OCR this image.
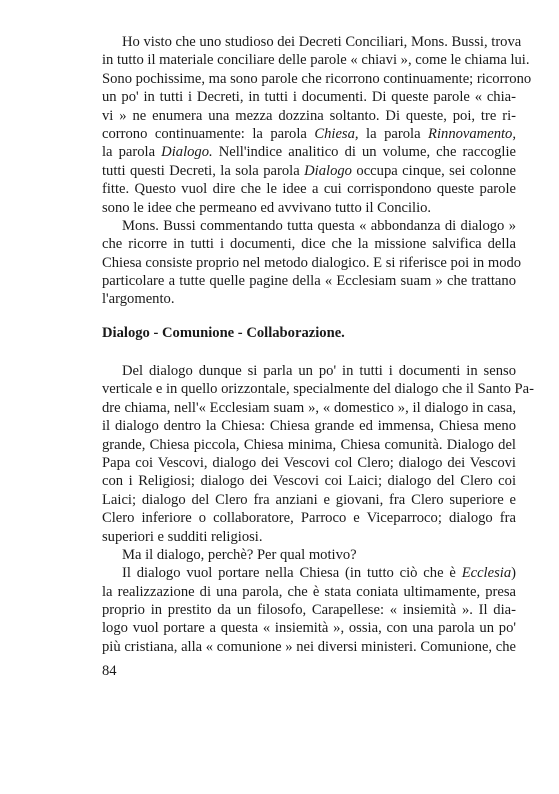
Ho visto che uno studioso dei Decreti Conciliari, Mons. Bussi, trova
in tutto il materiale conciliare delle parole « chiavi », come le chiama lui.
Sono pochissime, ma sono parole che ricorrono continuamente; ricorrono
un po' in tutti i Decreti, in tutti i documenti. Di queste parole « chia-
vi » ne enumera una mezza dozzina soltanto. Di queste, poi, tre ri-
corrono continuamente: la parola Chiesa, la parola Rinnovamento,
la parola Dialogo. Nell'indice analitico di un volume, che raccoglie
tutti questi Decreti, la sola parola Dialogo occupa cinque, sei colonne
fitte. Questo vuol dire che le idee a cui corrispondono queste parole
sono le idee che permeano ed avvivano tutto il Concilio.
Mons. Bussi commentando tutta questa « abbondanza di dialogo »
che ricorre in tutti i documenti, dice che la missione salvifica della
Chiesa consiste proprio nel metodo dialogico. E si riferisce poi in modo
particolare a tutte quelle pagine della « Ecclesiam suam » che trattano
l'argomento.
Dialogo - Comunione - Collaborazione.
Del dialogo dunque si parla un po' in tutti i documenti in senso
verticale e in quello orizzontale, specialmente del dialogo che il Santo Pa-
dre chiama, nell'« Ecclesiam suam », « domestico », il dialogo in casa,
il dialogo dentro la Chiesa: Chiesa grande ed immensa, Chiesa meno
grande, Chiesa piccola, Chiesa minima, Chiesa comunità. Dialogo del
Papa coi Vescovi, dialogo dei Vescovi col Clero; dialogo dei Vescovi
con i Religiosi; dialogo dei Vescovi coi Laici; dialogo del Clero coi
Laici; dialogo del Clero fra anziani e giovani, fra Clero superiore e
Clero inferiore o collaboratore, Parroco e Viceparroco; dialogo fra
superiori e sudditi religiosi.
Ma il dialogo, perchè? Per qual motivo?
Il dialogo vuol portare nella Chiesa (in tutto ciò che è Ecclesia)
la realizzazione di una parola, che è stata coniata ultimamente, presa
proprio in prestito da un filosofo, Carapellese: « insiemità ». Il dia-
logo vuol portare a questa « insiemità », ossia, con una parola un po'
più cristiana, alla « comunione » nei diversi ministeri. Comunione, che
84
